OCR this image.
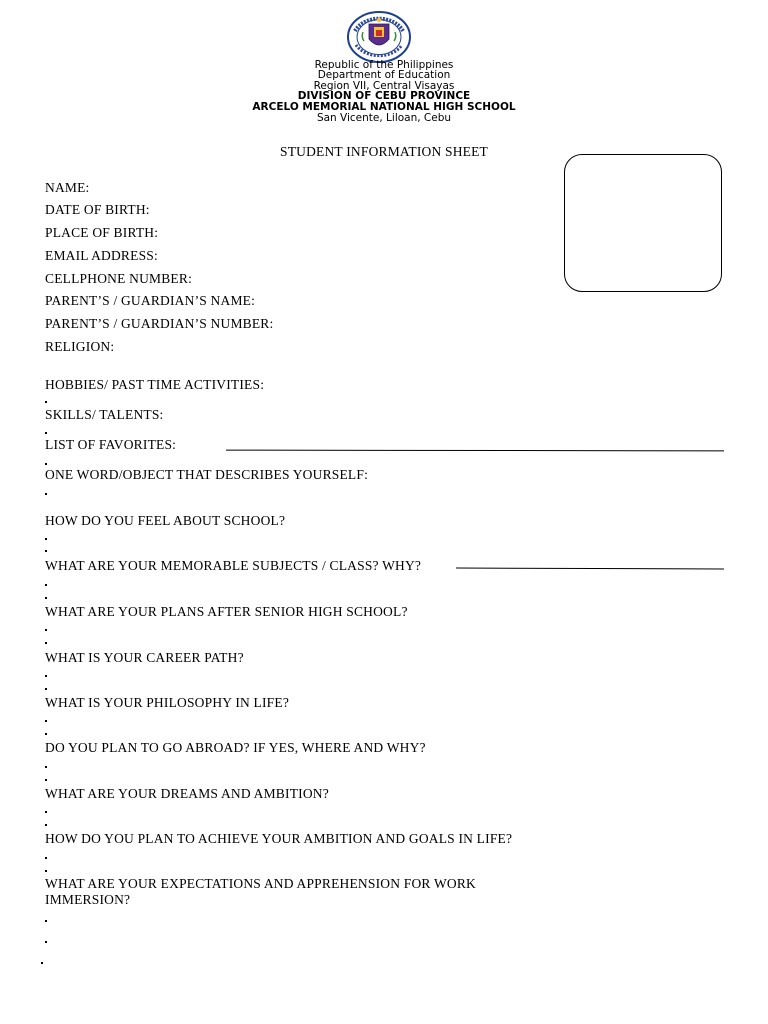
Republic of the Philippines
Department of Education
Region VII, Central Visayas
DIVISION OF CEBU PROVINCE
ARCELO MEMORIAL NATIONAL HIGH SCHOOL
San Vicente, Liloan, Cebu
STUDENT INFORMATION SHEET
NAME:
DATE OF BIRTH:
PLACE OF BIRTH:
EMAIL ADDRESS:
CELLPHONE NUMBER:
PARENT’S / GUARDIAN’S NAME:
PARENT’S / GUARDIAN’S NUMBER:
RELIGION:
HOBBIES/ PAST TIME ACTIVITIES:
SKILLS/ TALENTS:
LIST OF FAVORITES:
ONE WORD/OBJECT THAT DESCRIBES YOURSELF:
HOW DO YOU FEEL ABOUT SCHOOL?
WHAT ARE YOUR MEMORABLE SUBJECTS / CLASS? WHY?
WHAT ARE YOUR PLANS AFTER SENIOR HIGH SCHOOL?
WHAT IS YOUR CAREER PATH?
WHAT IS YOUR PHILOSOPHY IN LIFE?
DO YOU PLAN TO GO ABROAD? IF YES, WHERE AND WHY?
WHAT ARE YOUR DREAMS AND AMBITION?
HOW DO YOU PLAN TO ACHIEVE YOUR AMBITION AND GOALS IN LIFE?
WHAT ARE YOUR EXPECTATIONS AND APPREHENSION FOR WORK
IMMERSION?
